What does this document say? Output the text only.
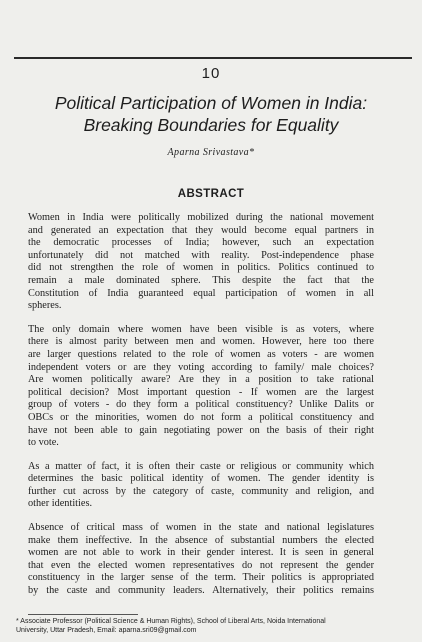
10
Political Participation of Women in India:
Breaking Boundaries for Equality
Aparna Srivastava*
ABSTRACT

Women in India were politically mobilized during the national movement
and generated an expectation that they would become equal partners in
the democratic processes of India; however, such an expectation
unfortunately did not matched with reality. Post-independence phase
did not strengthen the role of women in politics. Politics continued to
remain a male dominated sphere. This despite the fact that the
Constitution of India guaranteed equal participation of women in all
spheres.

The only domain where women have been visible is as voters, where
there is almost parity between men and women. However, here too there
are larger questions related to the role of women as voters - are women
independent voters or are they voting according to family/ male choices?
Are women politically aware? Are they in a position to take rational
political decision? Most important question - If women are the largest
group of voters - do they form a political constituency? Unlike Dalits or
OBCs or the minorities, women do not form a political constituency and
have not been able to gain negotiating power on the basis of their right
to vote.

As a matter of fact, it is often their caste or religious or community which
determines the basic political identity of women. The gender identity is
further cut across by the category of caste, community and religion, and
other identities.

Absence of critical mass of women in the state and national legislatures
make them ineffective. In the absence of substantial numbers the elected
women are not able to work in their gender interest. It is seen in general
that even the elected women representatives do not represent the gender
constituency in the larger sense of the term. Their politics is appropriated
by the caste and community leaders. Alternatively, their politics remains

* Associate Professor (Political Science & Human Rights), School of Liberal Arts, Noida International
University, Uttar Pradesh, Email: aparna.sri09@gmail.com
